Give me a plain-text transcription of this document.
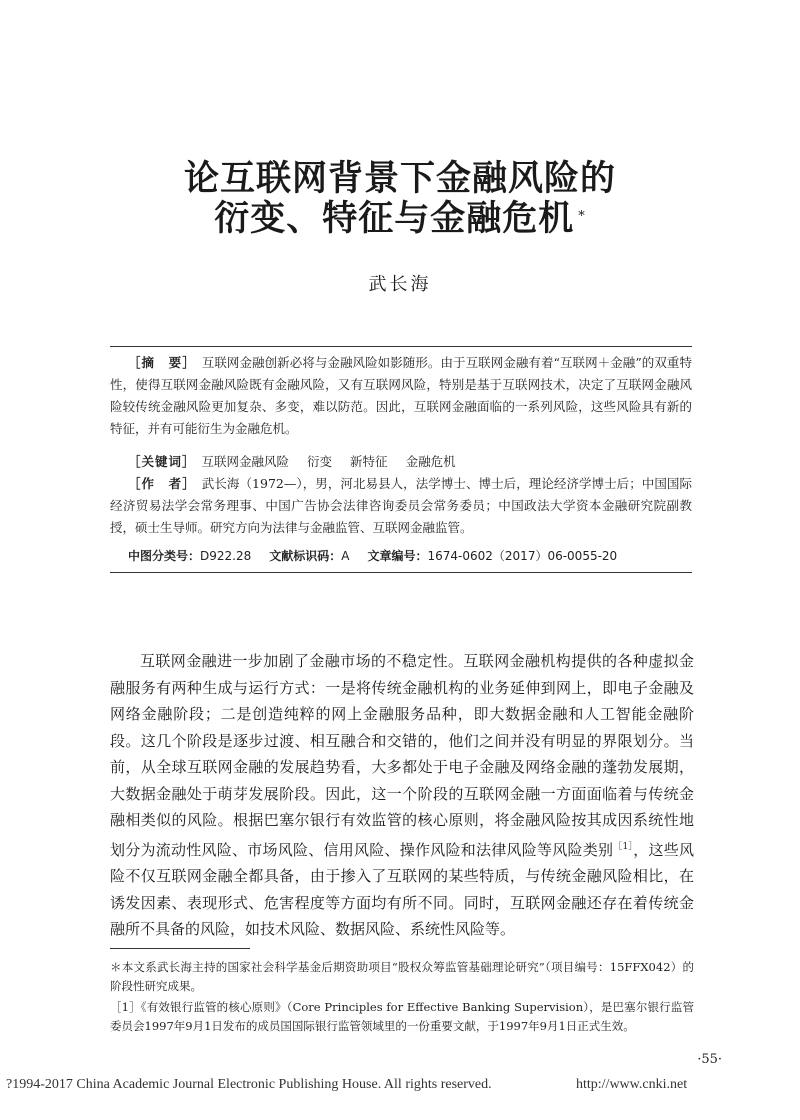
论互联网背景下金融风险的
衍变、特征与金融危机 *
武长海
［摘　要］ 互联网金融创新必将与金融风险如影随形。由于互联网金融有着“互联网＋金融”的双重特性，使得互联网金融风险既有金融风险，又有互联网风险，特别是基于互联网技术，决定了互联网金融风险较传统金融风险更加复杂、多变，难以防范。因此，互联网金融面临的一系列风险，这些风险具有新的特征，并有可能衍生为金融危机。
［关键词］ 互联网金融风险 衍变 新特征 金融危机
［作　者］ 武长海（1972—），男，河北易县人，法学博士、博士后，理论经济学博士后；中国国际经济贸易法学会常务理事、中国广告协会法律咨询委员会常务委员；中国政法大学资本金融研究院副教授，硕士生导师。研究方向为法律与金融监管、互联网金融监管。
中图分类号：D922.28 文献标识码：A 文章编号：1674-0602（2017）06-0055-20
互联网金融进一步加剧了金融市场的不稳定性。互联网金融机构提供的各种虚拟金融服务有两种生成与运行方式：一是将传统金融机构的业务延伸到网上，即电子金融及网络金融阶段；二是创造纯粹的网上金融服务品种，即大数据金融和人工智能金融阶段。这几个阶段是逐步过渡、相互融合和交错的，他们之间并没有明显的界限划分。当前，从全球互联网金融的发展趋势看，大多都处于电子金融及网络金融的蓬勃发展期，大数据金融处于萌芽发展阶段。因此，这一个阶段的互联网金融一方面面临着与传统金融相类似的风险。根据巴塞尔银行有效监管的核心原则，将金融风险按其成因系统性地划分为流动性风险、市场风险、信用风险、操作风险和法律风险等风险类别$^{[1]}$，这些风险不仅互联网金融全都具备，由于掺入了互联网的某些特质，与传统金融风险相比，在诱发因素、表现形式、危害程度等方面均有所不同。同时，互联网金融还存在着传统金融所不具备的风险，如技术风险、数据风险、系统性风险等。
＊本文系武长海主持的国家社会科学基金后期资助项目“股权众筹监管基础理论研究”（项目编号：15FFX042）的阶段性研究成果。
［1］《有效银行监管的核心原则》（Core Principles for Effective Banking Supervision），是巴塞尔银行监管委员会1997年9月1日发布的成员国国际银行监管领域里的一份重要文献，于1997年9月1日正式生效。
·55·
?1994-2017 China Academic Journal Electronic Publishing House. All rights reserved.	http://www.cnki.net
